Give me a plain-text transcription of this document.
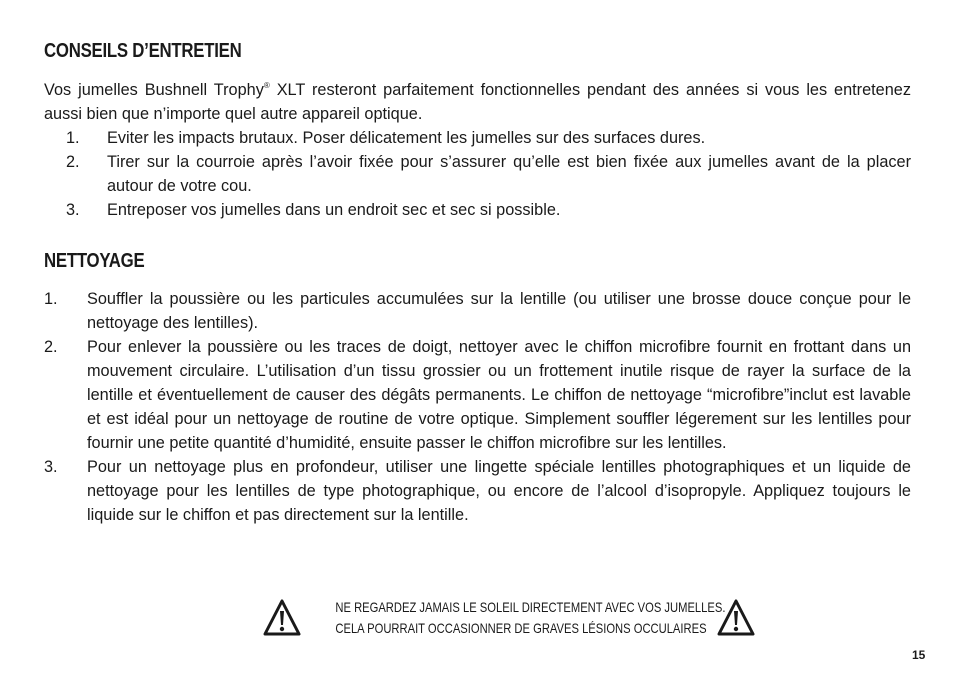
CONSEILS D’ENTRETIEN

Vos jumelles Bushnell Trophy® XLT resteront parfaitement fonctionnelles pendant des années si vous les entretenez aussi bien que n’importe quel autre appareil optique.

1. Eviter les impacts brutaux. Poser délicatement les jumelles sur des surfaces dures.
2. Tirer sur la courroie après l’avoir fixée pour s’assurer qu’elle est bien fixée aux jumelles avant de la placer autour de votre cou.
3. Entreposer vos jumelles dans un endroit sec et sec si possible.
NETTOYAGE
1. Souffler la poussière ou les particules accumulées sur la lentille (ou utiliser une brosse douce conçue pour le nettoyage des lentilles).
2. Pour enlever la poussière ou les traces de doigt, nettoyer avec le chiffon microfibre fournit en frottant dans un mouvement circulaire. L’utilisation d’un tissu grossier ou un frottement inutile risque de rayer la surface de la lentille et éventuellement de causer des dégâts permanents. Le chiffon de nettoyage “microfibre”inclut est lavable et est idéal pour un nettoyage de routine de votre optique. Simplement souffler légerement sur les lentilles pour fournir une petite quantité d’humidité, ensuite passer le chiffon microfibre sur les lentilles.
3. Pour un nettoyage plus en profondeur, utiliser une lingette spéciale lentilles photographiques et un liquide de nettoyage pour les lentilles de type photographique, ou encore de l’alcool d’isopropyle. Appliquez toujours le liquide sur le chiffon et pas directement sur la lentille.
NE REGARDEZ JAMAIS LE SOLEIL DIRECTEMENT AVEC VOS JUMELLES.
CELA POURRAIT OCCASIONNER DE GRAVES LÉSIONS OCCULAIRES
15
